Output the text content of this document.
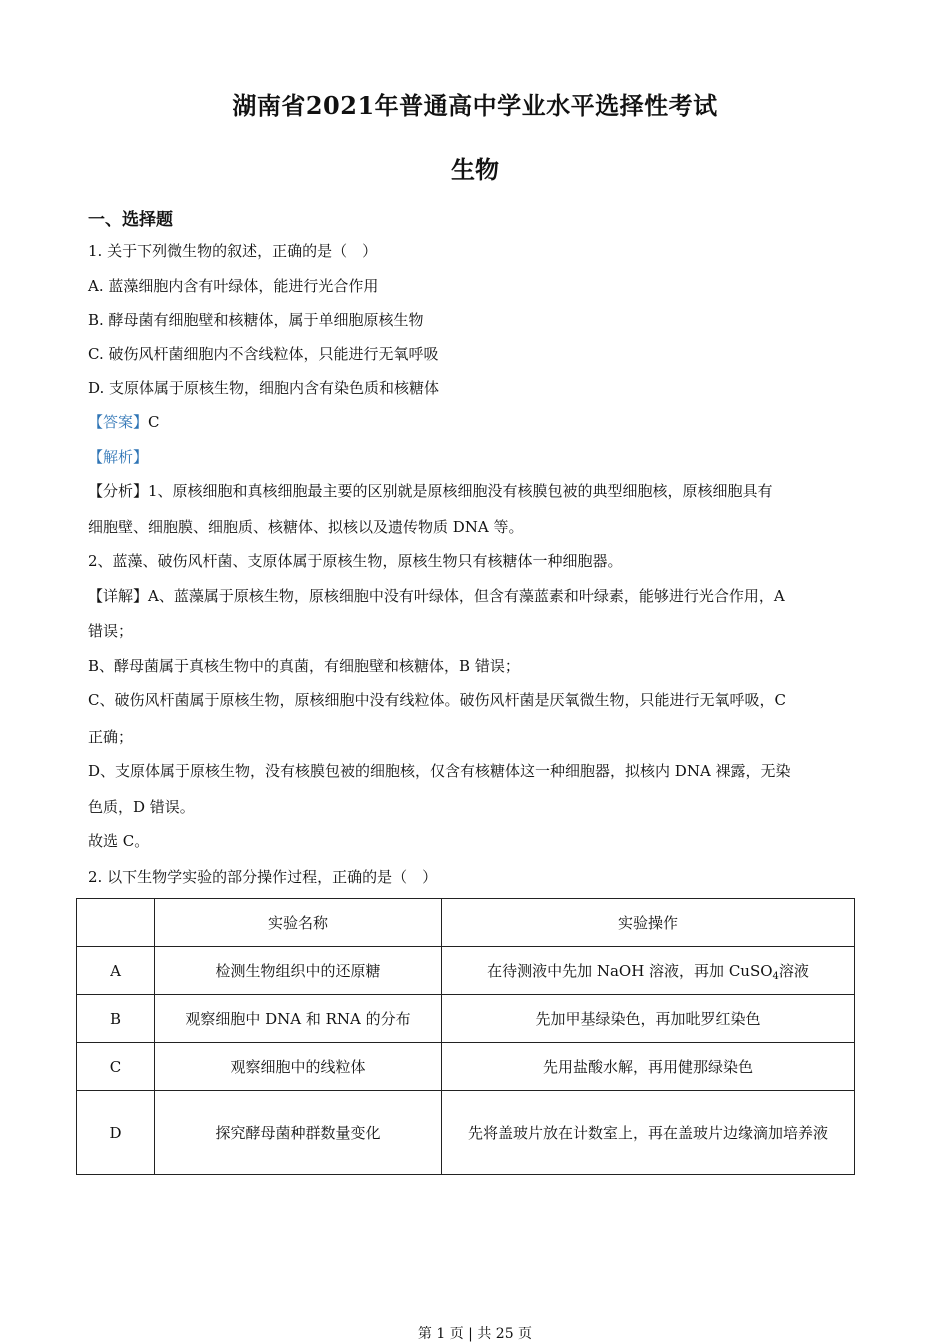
湖南省2021年普通高中学业水平选择性考试
生物
一、选择题
1. 关于下列微生物的叙述，正确的是（　）
A. 蓝藻细胞内含有叶绿体，能进行光合作用
B. 酵母菌有细胞壁和核糖体，属于单细胞原核生物
C. 破伤风杆菌细胞内不含线粒体，只能进行无氧呼吸
D. 支原体属于原核生物，细胞内含有染色质和核糖体
【答案】C
【解析】
【分析】1、原核细胞和真核细胞最主要的区别就是原核细胞没有核膜包被的典型细胞核，原核细胞具有
细胞壁、细胞膜、细胞质、核糖体、拟核以及遗传物质 DNA 等。
2、蓝藻、破伤风杆菌、支原体属于原核生物，原核生物只有核糖体一种细胞器。
【详解】A、蓝藻属于原核生物，原核细胞中没有叶绿体，但含有藻蓝素和叶绿素，能够进行光合作用，A
错误；
B、酵母菌属于真核生物中的真菌，有细胞壁和核糖体，B 错误；
C、破伤风杆菌属于原核生物，原核细胞中没有线粒体。破伤风杆菌是厌氧微生物，只能进行无氧呼吸，C
正确；
D、支原体属于原核生物，没有核膜包被的细胞核，仅含有核糖体这一种细胞器，拟核内 DNA 裸露，无染
色质，D 错误。
故选 C。
2. 以下生物学实验的部分操作过程，正确的是（　）
	实验名称	实验操作
A	检测生物组织中的还原糖	在待测液中先加 NaOH 溶液，再加 CuSO$_4$溶液
B	观察细胞中 DNA 和 RNA 的分布	先加甲基绿染色，再加吡罗红染色
C	观察细胞中的线粒体	先用盐酸水解，再用健那绿染色
D	探究酵母菌种群数量变化	先将盖玻片放在计数室上，再在盖玻片边缘滴加培养液
第 1 页 | 共 25 页
